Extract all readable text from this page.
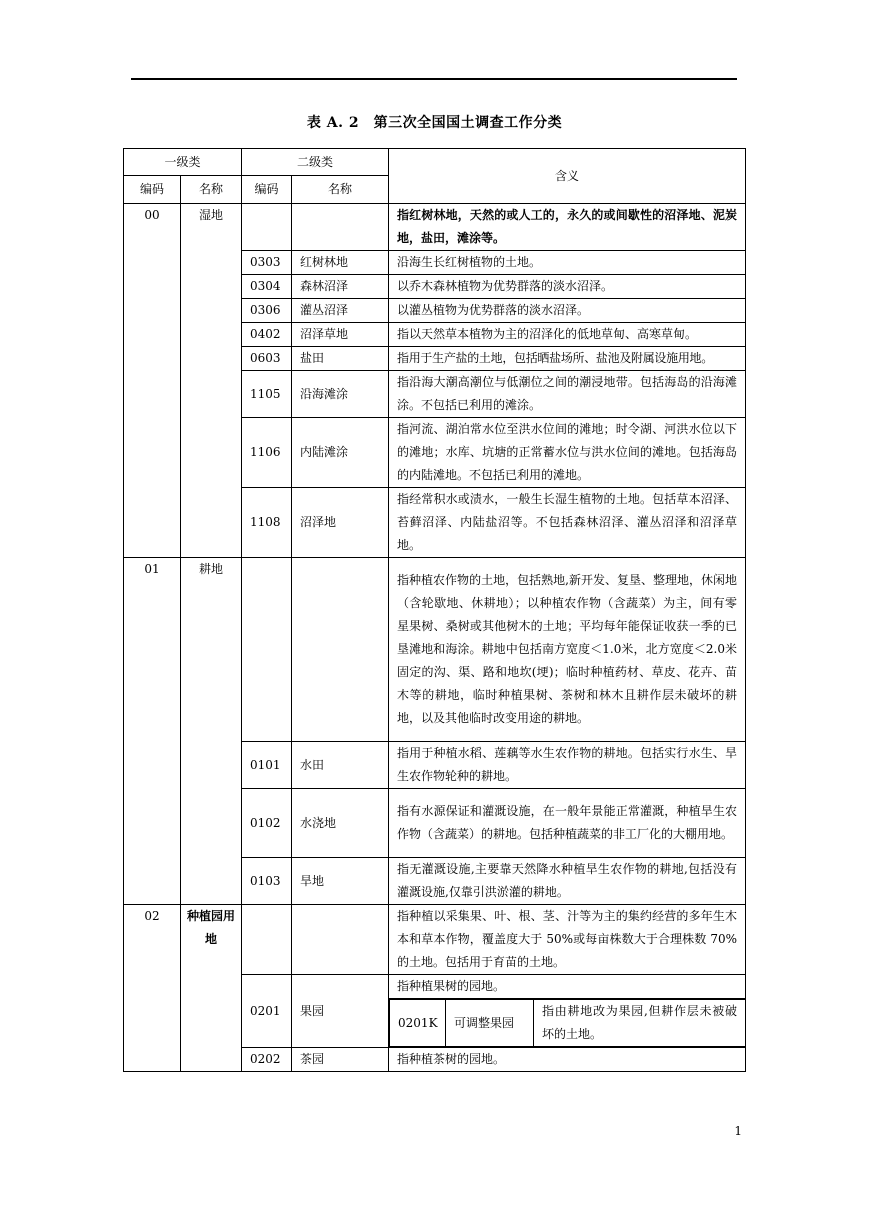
表 A. 2　第三次全国国土调查工作分类
一级类	二级类	含义
编码	名称	编码	名称
00	湿地			指红树林地，天然的或人工的，永久的或间歇性的沼泽地、泥炭地，盐田，滩涂等。
0303	红树林地	沿海生长红树植物的土地。
0304	森林沼泽	以乔木森林植物为优势群落的淡水沼泽。
0306	灌丛沼泽	以灌丛植物为优势群落的淡水沼泽。
0402	沼泽草地	指以天然草本植物为主的沼泽化的低地草甸、高寒草甸。
0603	盐田	指用于生产盐的土地，包括晒盐场所、盐池及附属设施用地。
1105	沿海滩涂	指沿海大潮高潮位与低潮位之间的潮浸地带。包括海岛的沿海滩涂。不包括已利用的滩涂。
1106	内陆滩涂	指河流、湖泊常水位至洪水位间的滩地；时令湖、河洪水位以下的滩地；水库、坑塘的正常蓄水位与洪水位间的滩地。包括海岛的内陆滩地。不包括已利用的滩地。
1108	沼泽地	指经常积水或渍水，一般生长湿生植物的土地。包括草本沼泽、苔藓沼泽、内陆盐沼等。不包括森林沼泽、灌丛沼泽和沼泽草地。
01	耕地			指种植农作物的土地，包括熟地,新开发、复垦、整理地，休闲地（含轮歇地、休耕地）；以种植农作物（含蔬菜）为主，间有零星果树、桑树或其他树木的土地；平均每年能保证收获一季的已垦滩地和海涂。耕地中包括南方宽度＜1.0米，北方宽度＜2.0米固定的沟、渠、路和地坎(埂)；临时种植药材、草皮、花卉、苗木等的耕地，临时种植果树、茶树和林木且耕作层未破坏的耕地，以及其他临时改变用途的耕地。
0101	水田	指用于种植水稻、莲藕等水生农作物的耕地。包括实行水生、旱生农作物轮种的耕地。
0102	水浇地	指有水源保证和灌溉设施，在一般年景能正常灌溉，种植旱生农作物（含蔬菜）的耕地。包括种植蔬菜的非工厂化的大棚用地。
0103	旱地	指无灌溉设施,主要靠天然降水种植旱生农作物的耕地,包括没有灌溉设施,仅靠引洪淤灌的耕地。
02	种植园用地			指种植以采集果、叶、根、茎、汁等为主的集约经营的多年生木本和草本作物，覆盖度大于 50%或每亩株数大于合理株数 70%的土地。包括用于育苗的土地。
0201	果园	指种植果树的园地。

0201K	可调整果园	指由耕地改为果园,但耕作层未被破坏的土地。

0202	茶园	指种植茶树的园地。
1
